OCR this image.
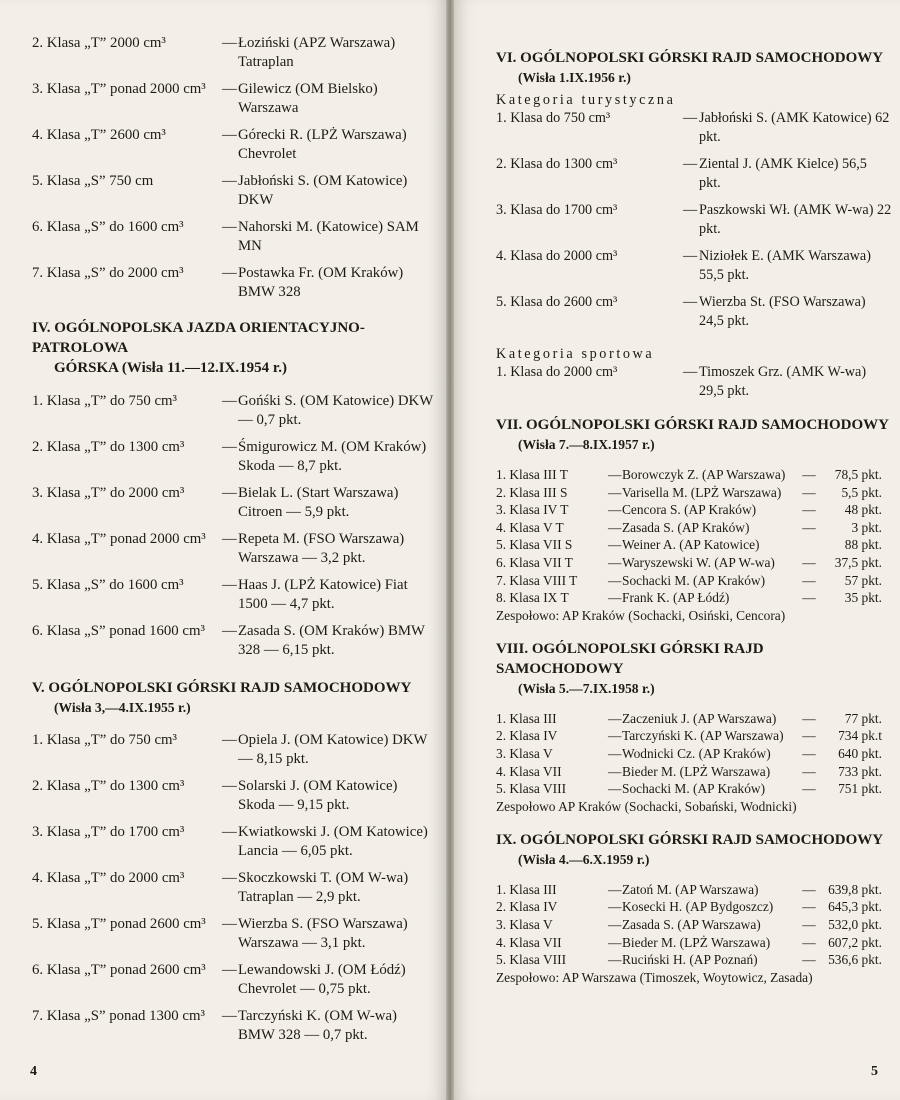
2. Klasa „T” 2000 cm³	— Łoziński (APZ Warszawa) Tatraplan
3. Klasa „T” ponad 2000 cm³	— Gilewicz (OM Bielsko) Warszawa
4. Klasa „T” 2600 cm³	— Górecki R. (LPŻ Warszawa) Chevrolet
5. Klasa „S” 750 cm	— Jabłoński S. (OM Katowice) DKW
6. Klasa „S” do 1600 cm³	— Nahorski M. (Katowice) SAM MN
7. Klasa „S” do 2000 cm³	— Postawka Fr. (OM Kraków) BMW 328
IV. OGÓLNOPOLSKA JAZDA ORIENTACYJNO-PATROLOWA
GÓRSKA (Wisła 11.—12.IX.1954 r.)
1. Klasa „T” do 750 cm³	— Gońśki S. (OM Katowice) DKW — 0,7 pkt.
2. Klasa „T” do 1300 cm³	— Śmigurowicz M. (OM Kraków) Skoda — 8,7 pkt.
3. Klasa „T” do 2000 cm³	— Bielak L. (Start Warszawa) Citroen — 5,9 pkt.
4. Klasa „T” ponad 2000 cm³	— Repeta M. (FSO Warszawa) Warszawa — 3,2 pkt.
5. Klasa „S” do 1600 cm³	— Haas J. (LPŻ Katowice) Fiat 1500 — 4,7 pkt.
6. Klasa „S” ponad 1600 cm³	— Zasada S. (OM Kraków) BMW 328 — 6,15 pkt.
V. OGÓLNOPOLSKI GÓRSKI RAJD SAMOCHODOWY
(Wisła 3,—4.IX.1955 r.)
1. Klasa „T” do 750 cm³	— Opiela J. (OM Katowice) DKW — 8,15 pkt.
2. Klasa „T” do 1300 cm³	— Solarski J. (OM Katowice) Skoda — 9,15 pkt.
3. Klasa „T” do 1700 cm³	— Kwiatkowski J. (OM Katowice) Lancia — 6,05 pkt.
4. Klasa „T” do 2000 cm³	— Skoczkowski T. (OM W-wa) Tatraplan — 2,9 pkt.
5. Klasa „T” ponad 2600 cm³	— Wierzba S. (FSO Warszawa) Warszawa — 3,1 pkt.
6. Klasa „T” ponad 2600 cm³	— Lewandowski J. (OM Łódź) Chevrolet — 0,75 pkt.
7. Klasa „S” ponad 1300 cm³	— Tarczyński K. (OM W-wa) BMW 328 — 0,7 pkt.
4
VI. OGÓLNOPOLSKI GÓRSKI RAJD SAMOCHODOWY
(Wisła 1.IX.1956 r.)
Kategoria turystyczna
1. Klasa do 750 cm³	— Jabłoński S. (AMK Katowice) 62 pkt.
2. Klasa do 1300 cm³	— Ziental J. (AMK Kielce) 56,5 pkt.
3. Klasa do 1700 cm³	— Paszkowski Wł. (AMK W-wa) 22 pkt.
4. Klasa do 2000 cm³	— Niziołek E. (AMK Warszawa) 55,5 pkt.
5. Klasa do 2600 cm³	— Wierzba St. (FSO Warszawa) 24,5 pkt.
Kategoria sportowa
1. Klasa do 2000 cm³	— Timoszek Grz. (AMK W-wa) 29,5 pkt.
VII. OGÓLNOPOLSKI GÓRSKI RAJD SAMOCHODOWY
(Wisła 7.—8.IX.1957 r.)
1. Klasa III T	—	Borowczyk Z. (AP Warszawa)	—	78,5 pkt.
2. Klasa III S	—	Varisella M. (LPŻ Warszawa)	—	5,5 pkt.
3. Klasa IV T	—	Cencora S. (AP Kraków)	—	48 pkt.
4. Klasa V T	—	Zasada S. (AP Kraków)	—	3 pkt.
5. Klasa VII S	—	Weiner A. (AP Katowice)		88 pkt.
6. Klasa VII T	—	Waryszewski W. (AP W-wa)	—	37,5 pkt.
7. Klasa VIII T	—	Sochacki M. (AP Kraków)	—	57 pkt.
8. Klasa IX T	—	Frank K. (AP Łódź)	—	35 pkt.
Zespołowo: AP Kraków (Sochacki, Osiński, Cencora)
VIII. OGÓLNOPOLSKI GÓRSKI RAJD SAMOCHODOWY
(Wisła 5.—7.IX.1958 r.)
1. Klasa III	—	Zaczeniuk J. (AP Warszawa)	—	77 pkt.
2. Klasa IV	—	Tarczyński K. (AP Warszawa)	—	734 pk.t
3. Klasa V	—	Wodnicki Cz. (AP Kraków)	—	640 pkt.
4. Klasa VII	—	Bieder M. (LPŻ Warszawa)	—	733 pkt.
5. Klasa VIII	—	Sochacki M. (AP Kraków)	—	751 pkt.
Zespołowo AP Kraków (Sochacki, Sobański, Wodnicki)
IX. OGÓLNOPOLSKI GÓRSKI RAJD SAMOCHODOWY
(Wisła 4.—6.X.1959 r.)
1. Klasa III	—	Zatoń M. (AP Warszawa)	—	639,8 pkt.
2. Klasa IV	—	Kosecki H. (AP Bydgoszcz)	—	645,3 pkt.
3. Klasa V	—	Zasada S. (AP Warszawa)	—	532,0 pkt.
4. Klasa VII	—	Bieder M. (LPŻ Warszawa)	—	607,2 pkt.
5. Klasa VIII	—	Ruciński H. (AP Poznań)	—	536,6 pkt.
Zespołowo: AP Warszawa (Timoszek, Woytowicz, Zasada)
5
